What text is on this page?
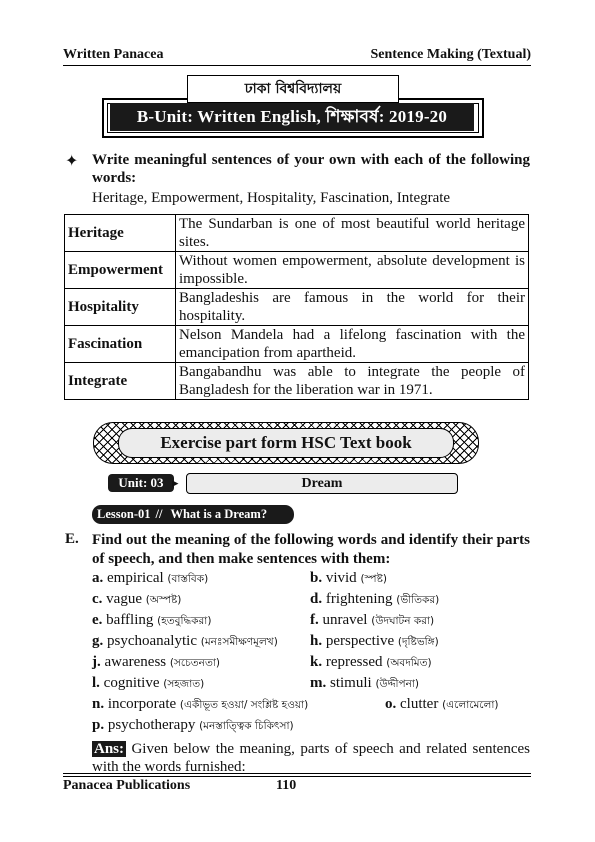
Written Panacea	Sentence Making (Textual)
B-Unit: Written English, শিক্ষাবর্ষ: 2019-20
ঢাকা বিশ্ববিদ্যালয়
✦ Write meaningful sentences of your own with each of the following words:
Heritage, Empowerment, Hospitality, Fascination, Integrate
Heritage	The Sundarban is one of most beautiful world heritage sites.
Empowerment	Without women empowerment, absolute development is impossible.
Hospitality	Bangladeshis are famous in the world for their hospitality.
Fascination	Nelson Mandela had a lifelong fascination with the emancipation from apartheid.
Integrate	Bangabandhu was able to integrate the people of Bangladesh for the liberation war in 1971.
Exercise part form HSC Text book
Unit: 03 ▸	Dream
Lesson-01 // What is a Dream?
E. Find out the meaning of the following words and identify their parts of speech, and then make sentences with them:
a. empirical (বাস্তবিক)	b. vivid (স্পষ্ট)
c. vague (অস্পষ্ট)	d. frightening (ভীতিকর)
e. baffling (হতবুদ্ধিকরা)	f. unravel (উদঘাটন করা)
g. psychoanalytic (মনঃসমীক্ষণমূলখ) h. perspective (দৃষ্টিভঙ্গি)
j. awareness (সচেতনতা)	k. repressed (অবদমিত)
l. cognitive (সহজাত)	m. stimuli (উদ্দীপনা)
n. incorporate (একীভূত হওয়া/ সংশ্লিষ্ট হওয়া)	o. clutter (এলোমেলো)
p. psychotherapy (মনস্তাত্ত্বিক চিকিৎসা)
Ans: Given below the meaning, parts of speech and related sentences with the words furnished:
Panacea Publications	110
